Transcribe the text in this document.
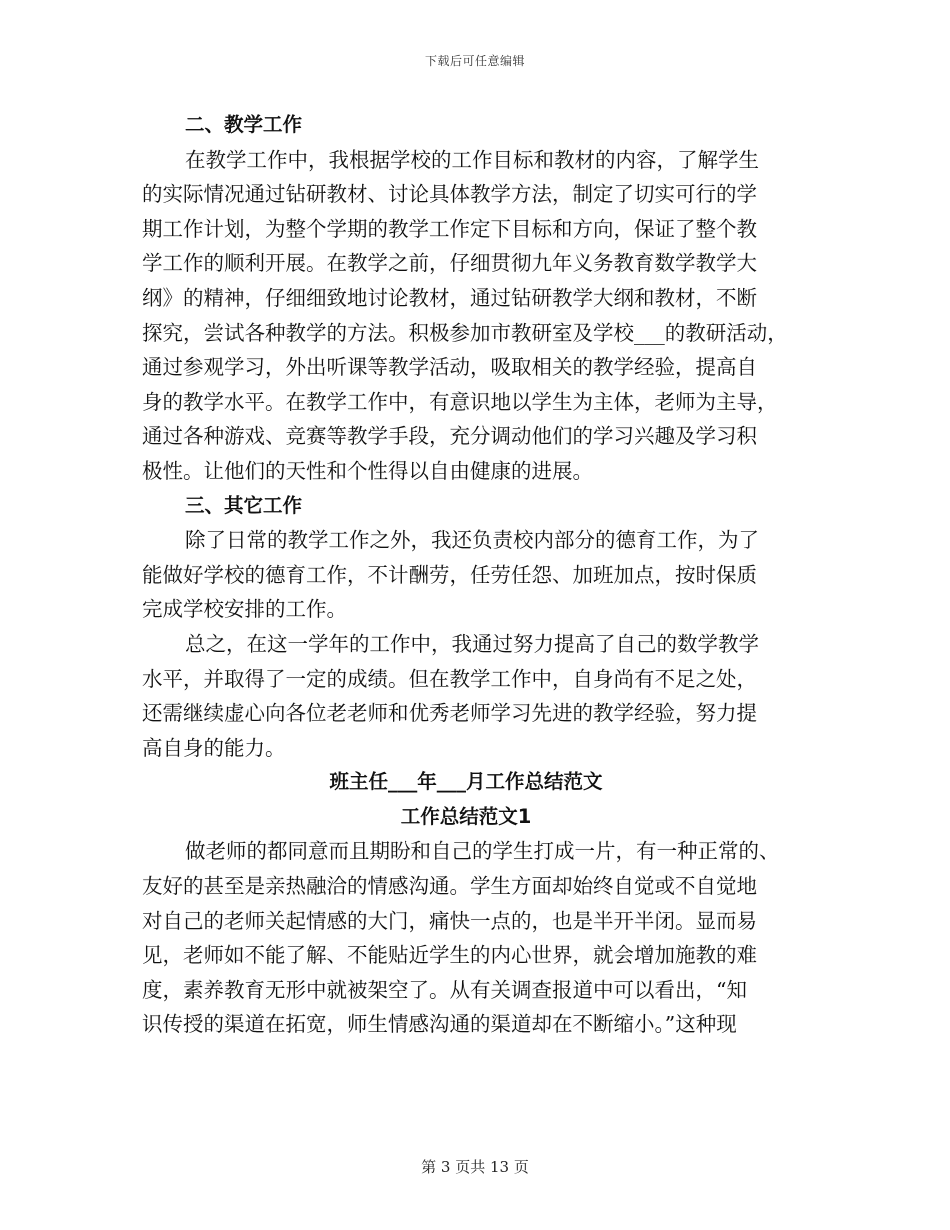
下载后可任意编辑
二、教学工作
在教学工作中，我根据学校的工作目标和教材的内容，了解学生
的实际情况通过钻研教材、讨论具体教学方法，制定了切实可行的学
期工作计划，为整个学期的教学工作定下目标和方向，保证了整个教
学工作的顺利开展。在教学之前，仔细贯彻九年义务教育数学教学大
纲》的精神，仔细细致地讨论教材，通过钻研教学大纲和教材，不断
探究，尝试各种教学的方法。积极参加市教研室及学校___的教研活动，
通过参观学习，外出听课等教学活动，吸取相关的教学经验，提高自
身的教学水平。在教学工作中，有意识地以学生为主体，老师为主导，
通过各种游戏、竞赛等教学手段，充分调动他们的学习兴趣及学习积
极性。让他们的天性和个性得以自由健康的进展。
三、其它工作
除了日常的教学工作之外，我还负责校内部分的德育工作，为了
能做好学校的德育工作，不计酬劳，任劳任怨、加班加点，按时保质
完成学校安排的工作。
总之，在这一学年的工作中，我通过努力提高了自己的数学教学
水平，并取得了一定的成绩。但在教学工作中，自身尚有不足之处，
还需继续虚心向各位老老师和优秀老师学习先进的教学经验，努力提
高自身的能力。
班主任___年___月工作总结范文
工作总结范文1
做老师的都同意而且期盼和自己的学生打成一片，有一种正常的、
友好的甚至是亲热融洽的情感沟通。学生方面却始终自觉或不自觉地
对自己的老师关起情感的大门，痛快一点的，也是半开半闭。显而易
见，老师如不能了解、不能贴近学生的内心世界，就会增加施教的难
度，素养教育无形中就被架空了。从有关调查报道中可以看出，“知
识传授的渠道在拓宽，师生情感沟通的渠道却在不断缩小。”这种现
第 3 页共 13 页
